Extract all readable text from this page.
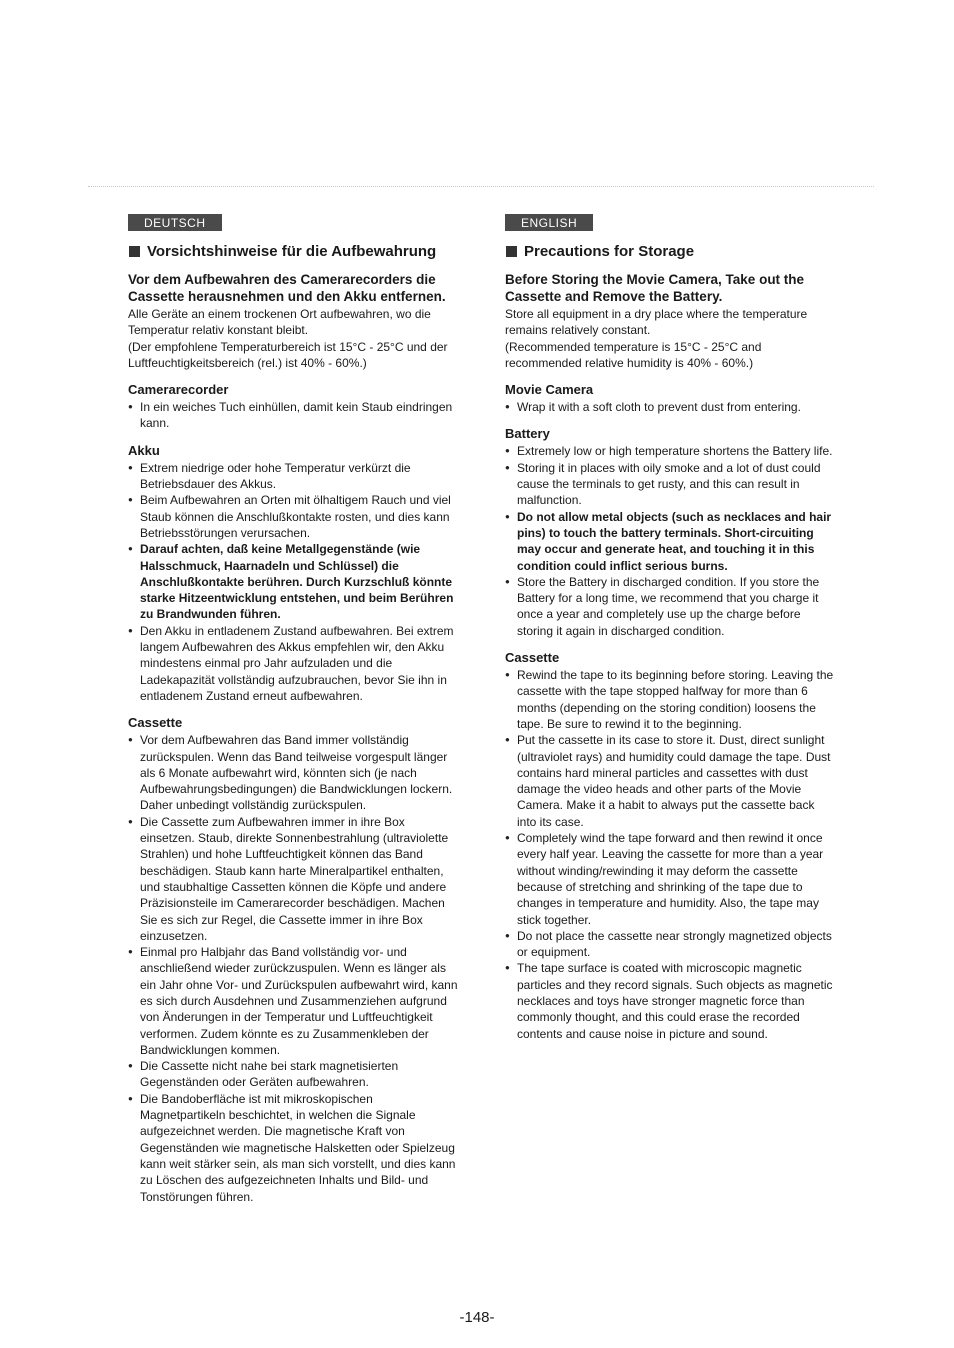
DEUTSCH
Vorsichtshinweise für die Aufbewahrung
Vor dem Aufbewahren des Camerarecorders die Cassette herausnehmen und den Akku entfernen.

Alle Geräte an einem trockenen Ort aufbewahren, wo die Temperatur relativ konstant bleibt.

(Der empfohlene Temperaturbereich ist 15°C - 25°C und der Luftfeuchtigkeitsbereich (rel.) ist 40% - 60%.)

Camerarecorder
● In ein weiches Tuch einhüllen, damit kein Staub eindringen kann.
Akku
● Extrem niedrige oder hohe Temperatur verkürzt die Betriebsdauer des Akkus.
● Beim Aufbewahren an Orten mit ölhaltigem Rauch und viel Staub können die Anschlußkontakte rosten, und dies kann Betriebsstörungen verursachen.
● Darauf achten, daß keine Metallgegenstände (wie Halsschmuck, Haarnadeln und Schlüssel) die Anschlußkontakte berühren. Durch Kurzschluß könnte starke Hitzeentwicklung entstehen, und beim Berühren zu Brandwunden führen.
● Den Akku in entladenem Zustand aufbewahren. Bei extrem langem Aufbewahren des Akkus empfehlen wir, den Akku mindestens einmal pro Jahr aufzuladen und die Ladekapazität vollständig aufzubrauchen, bevor Sie ihn in entladenem Zustand erneut aufbewahren.
Cassette
● Vor dem Aufbewahren das Band immer vollständig zurückspulen. Wenn das Band teilweise vorgespult länger als 6 Monate aufbewahrt wird, könnten sich (je nach Aufbewahrungsbedingungen) die Bandwicklungen lockern. Daher unbedingt vollständig zurückspulen.
● Die Cassette zum Aufbewahren immer in ihre Box einsetzen. Staub, direkte Sonnenbestrahlung (ultraviolette Strahlen) und hohe Luftfeuchtigkeit können das Band beschädigen. Staub kann harte Mineralpartikel enthalten, und staubhaltige Cassetten können die Köpfe und andere Präzisionsteile im Camerarecorder beschädigen. Machen Sie es sich zur Regel, die Cassette immer in ihre Box einzusetzen.
● Einmal pro Halbjahr das Band vollständig vor- und anschließend wieder zurückzuspulen. Wenn es länger als ein Jahr ohne Vor- und Zurückspulen aufbewahrt wird, kann es sich durch Ausdehnen und Zusammenziehen aufgrund von Änderungen in der Temperatur und Luftfeuchtigkeit verformen. Zudem könnte es zu Zusammenkleben der Bandwicklungen kommen.
● Die Cassette nicht nahe bei stark magnetisierten Gegenständen oder Geräten aufbewahren.
● Die Bandoberfläche ist mit mikroskopischen Magnetpartikeln beschichtet, in welchen die Signale aufgezeichnet werden. Die magnetische Kraft von Gegenständen wie magnetische Halsketten oder Spielzeug kann weit stärker sein, als man sich vorstellt, und dies kann zu Löschen des aufgezeichneten Inhalts und Bild- und Tonstörungen führen.
ENGLISH
Precautions for Storage
Before Storing the Movie Camera, Take out the Cassette and Remove the Battery.

Store all equipment in a dry place where the temperature remains relatively constant.

(Recommended temperature is 15°C - 25°C and recommended relative humidity is 40% - 60%.)

Movie Camera
● Wrap it with a soft cloth to prevent dust from entering.
Battery
● Extremely low or high temperature shortens the Battery life.
● Storing it in places with oily smoke and a lot of dust could cause the terminals to get rusty, and this can result in malfunction.
● Do not allow metal objects (such as necklaces and hair pins) to touch the battery terminals. Short-circuiting may occur and generate heat, and touching it in this condition could inflict serious burns.
● Store the Battery in discharged condition. If you store the Battery for a long time, we recommend that you charge it once a year and completely use up the charge before storing it again in discharged condition.
Cassette
● Rewind the tape to its beginning before storing. Leaving the cassette with the tape stopped halfway for more than 6 months (depending on the storing condition) loosens the tape. Be sure to rewind it to the beginning.
● Put the cassette in its case to store it. Dust, direct sunlight (ultraviolet rays) and humidity could damage the tape. Dust contains hard mineral particles and cassettes with dust damage the video heads and other parts of the Movie Camera. Make it a habit to always put the cassette back into its case.
● Completely wind the tape forward and then rewind it once every half year. Leaving the cassette for more than a year without winding/rewinding it may deform the cassette because of stretching and shrinking of the tape due to changes in temperature and humidity. Also, the tape may stick together.
● Do not place the cassette near strongly magnetized objects or equipment.
● The tape surface is coated with microscopic magnetic particles and they record signals. Such objects as magnetic necklaces and toys have stronger magnetic force than commonly thought, and this could erase the recorded contents and cause noise in picture and sound.
-148-
